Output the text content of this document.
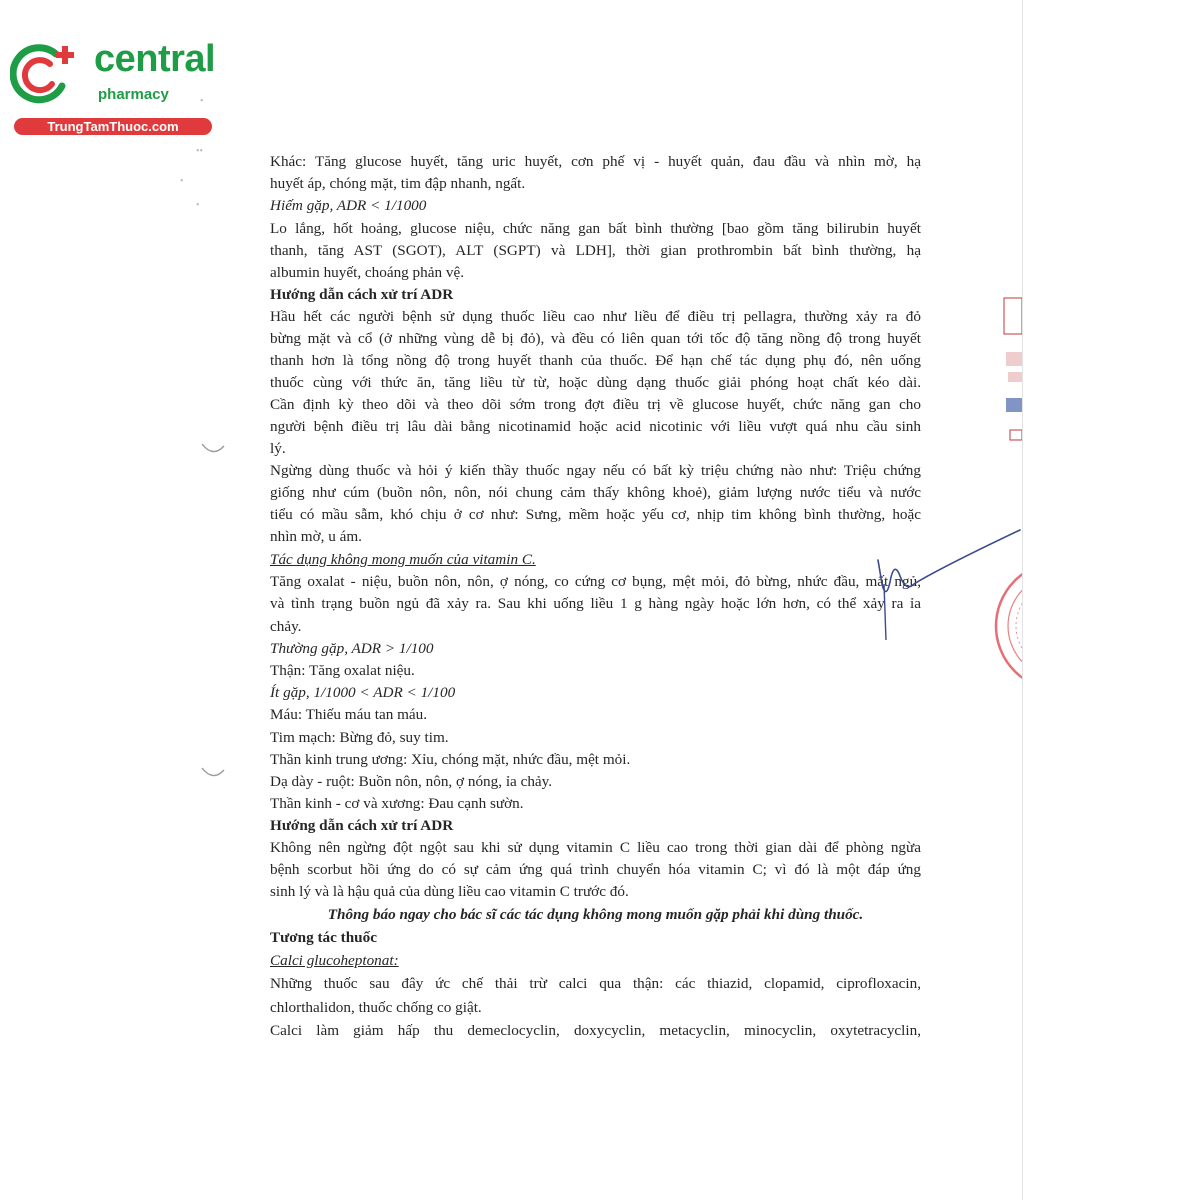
•
••
•
•
central
pharmacy
TrungTamThuoc.com
Khác: Tăng glucose huyết, tăng uric huyết, cơn phế vị - huyết quản, đau đầu và nhìn mờ, hạ
huyết áp, chóng mặt, tim đập nhanh, ngất.
Hiếm gặp, ADR < 1/1000
Lo lắng, hốt hoảng, glucose niệu, chức năng gan bất bình thường [bao gồm tăng bilirubin huyết
thanh, tăng AST (SGOT), ALT (SGPT) và LDH], thời gian prothrombin bất bình thường, hạ
albumin huyết, choáng phản vệ.
Hướng dẫn cách xử trí ADR
Hầu hết các người bệnh sử dụng thuốc liều cao như liều để điều trị pellagra, thường xảy ra đỏ
bừng mặt và cổ (ở những vùng dễ bị đỏ), và đều có liên quan tới tốc độ tăng nồng độ trong huyết
thanh hơn là tổng nồng độ trong huyết thanh của thuốc. Để hạn chế tác dụng phụ đó, nên uống
thuốc cùng với thức ăn, tăng liều từ từ, hoặc dùng dạng thuốc giải phóng hoạt chất kéo dài.
Cần định kỳ theo dõi và theo dõi sớm trong đợt điều trị về glucose huyết, chức năng gan cho
người bệnh điều trị lâu dài bằng nicotinamid hoặc acid nicotinic với liều vượt quá nhu cầu sinh
lý.
Ngừng dùng thuốc và hỏi ý kiến thầy thuốc ngay nếu có bất kỳ triệu chứng nào như: Triệu chứng
giống như cúm (buồn nôn, nôn, nói chung cảm thấy không khoẻ), giảm lượng nước tiểu và nước
tiểu có mầu sẫm, khó chịu ở cơ như: Sưng, mềm hoặc yếu cơ, nhịp tim không bình thường, hoặc
nhìn mờ, u ám.
Tác dụng không mong muốn của vitamin C.
Tăng oxalat - niệu, buồn nôn, nôn, ợ nóng, co cứng cơ bụng, mệt mỏi, đỏ bừng, nhức đầu, mất ngủ,
và tình trạng buồn ngủ đã xảy ra. Sau khi uống liều 1 g hàng ngày hoặc lớn hơn, có thể xảy ra ỉa
chảy.
Thường gặp, ADR > 1/100
Thận: Tăng oxalat niệu.
Ít gặp, 1/1000 < ADR < 1/100
Máu: Thiếu máu tan máu.
Tim mạch: Bừng đỏ, suy tim.
Thần kinh trung ương: Xỉu, chóng mặt, nhức đầu, mệt mỏi.
Dạ dày - ruột: Buồn nôn, nôn, ợ nóng, ỉa chảy.
Thần kinh - cơ và xương: Đau cạnh sườn.
Hướng dẫn cách xử trí ADR
Không nên ngừng đột ngột sau khi sử dụng vitamin C liều cao trong thời gian dài để phòng ngừa
bệnh scorbut hồi ứng do có sự cảm ứng quá trình chuyển hóa vitamin C; vì đó là một đáp ứng
sinh lý và là hậu quả của dùng liều cao vitamin C trước đó.
Thông báo ngay cho bác sĩ các tác dụng không mong muốn gặp phải khi dùng thuốc.
Tương tác thuốc
Calci glucoheptonat:
Những thuốc sau đây ức chế thải trừ calci qua thận: các thiazid, clopamid, ciprofloxacin,
chlorthalidon, thuốc chống co giật.
Calci làm giảm hấp thu demeclocyclin, doxycyclin, metacyclin, minocyclin, oxytetracyclin,
